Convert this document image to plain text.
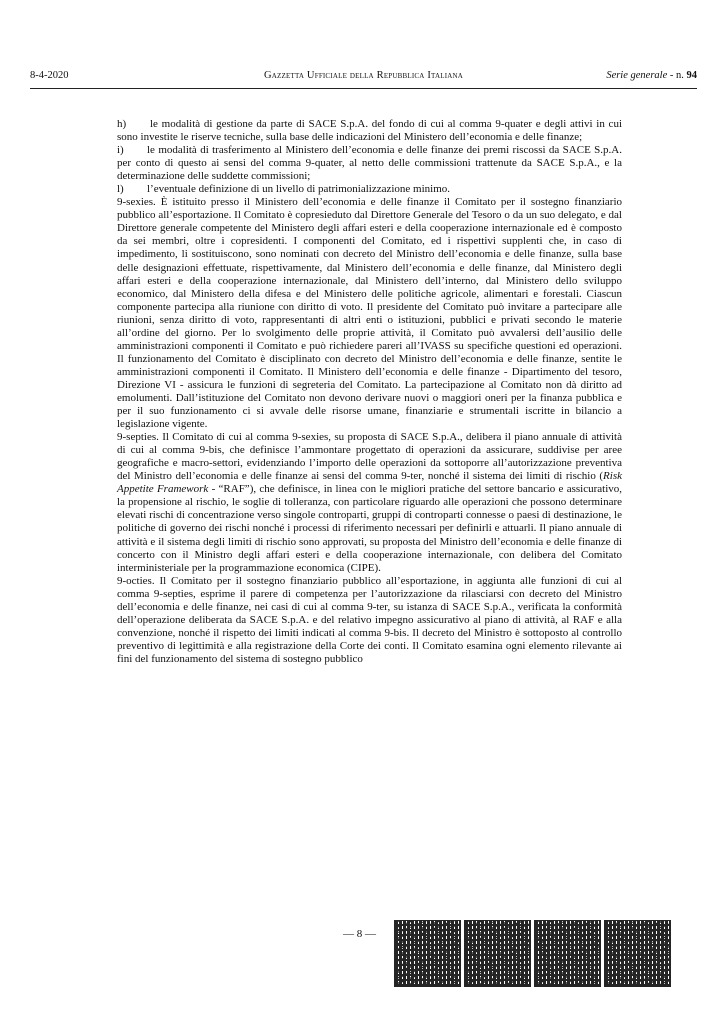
8-4-2020	Gazzetta Ufficiale della Repubblica Italiana	Serie generale - n. 94

h) le modalità di gestione da parte di SACE S.p.A. del fondo di cui al comma 9-quater e degli attivi in cui sono investite le riserve tecniche, sulla base delle indicazioni del Ministero dell’economia e delle finanze;

i) le modalità di trasferimento al Ministero dell’economia e delle finanze dei premi riscossi da SACE S.p.A. per conto di questo ai sensi del comma 9-quater, al netto delle commissioni trattenute da SACE S.p.A., e la determinazione delle suddette commissioni;

l) l’eventuale definizione di un livello di patrimonializzazione minimo.

9-sexies. È istituito presso il Ministero dell’economia e delle finanze il Comitato per il sostegno finanziario pubblico all’esportazione. Il Comitato è copresieduto dal Direttore Generale del Tesoro o da un suo delegato, e dal Direttore generale competente del Ministero degli affari esteri e della cooperazione internazionale ed è composto da sei membri, oltre i copresidenti. I componenti del Comitato, ed i rispettivi supplenti che, in caso di impedimento, li sostituiscono, sono nominati con decreto del Ministro dell’economia e delle finanze, sulla base delle designazioni effettuate, rispettivamente, dal Ministero dell’economia e delle finanze, dal Ministero degli affari esteri e della cooperazione internazionale, dal Ministero dell’interno, dal Ministero dello sviluppo economico, dal Ministero della difesa e del Ministero delle politiche agricole, alimentari e forestali. Ciascun componente partecipa alla riunione con diritto di voto. Il presidente del Comitato può invitare a partecipare alle riunioni, senza diritto di voto, rappresentanti di altri enti o istituzioni, pubblici e privati secondo le materie all’ordine del giorno. Per lo svolgimento delle proprie attività, il Comitato può avvalersi dell’ausilio delle amministrazioni componenti il Comitato e può richiedere pareri all’IVASS su specifiche questioni ed operazioni. Il funzionamento del Comitato è disciplinato con decreto del Ministro dell’economia e delle finanze, sentite le amministrazioni componenti il Comitato. Il Ministero dell’economia e delle finanze - Dipartimento del tesoro, Direzione VI - assicura le funzioni di segreteria del Comitato. La partecipazione al Comitato non dà diritto ad emolumenti. Dall’istituzione del Comitato non devono derivare nuovi o maggiori oneri per la finanza pubblica e per il suo funzionamento ci si avvale delle risorse umane, finanziarie e strumentali iscritte in bilancio a legislazione vigente.

9-septies. Il Comitato di cui al comma 9-sexies, su proposta di SACE S.p.A., delibera il piano annuale di attività di cui al comma 9-bis, che definisce l’ammontare progettato di operazioni da assicurare, suddivise per aree geografiche e macro-settori, evidenziando l’importo delle operazioni da sottoporre all’autorizzazione preventiva del Ministro dell’economia e delle finanze ai sensi del comma 9-ter, nonché il sistema dei limiti di rischio (Risk Appetite Framework - “RAF”), che definisce, in linea con le migliori pratiche del settore bancario e assicurativo, la propensione al rischio, le soglie di tolleranza, con particolare riguardo alle operazioni che possono determinare elevati rischi di concentrazione verso singole controparti, gruppi di controparti connesse o paesi di destinazione, le politiche di governo dei rischi nonché i processi di riferimento necessari per definirli e attuarli. Il piano annuale di attività e il sistema degli limiti di rischio sono approvati, su proposta del Ministro dell’economia e delle finanze di concerto con il Ministro degli affari esteri e della cooperazione internazionale, con delibera del Comitato interministeriale per la programmazione economica (CIPE).

9-octies. Il Comitato per il sostegno finanziario pubblico all’esportazione, in aggiunta alle funzioni di cui al comma 9-septies, esprime il parere di competenza per l’autorizzazione da rilasciarsi con decreto del Ministro dell’economia e delle finanze, nei casi di cui al comma 9-ter, su istanza di SACE S.p.A., verificata la conformità dell’operazione deliberata da SACE S.p.A. e del relativo impegno assicurativo al piano di attività, al RAF e alla convenzione, nonché il rispetto dei limiti indicati al comma 9-bis. Il decreto del Ministro è sottoposto al controllo preventivo di legittimità e alla registrazione della Corte dei conti. Il Comitato esamina ogni elemento rilevante ai fini del funzionamento del sistema di sostegno pubblico

— 8 —
